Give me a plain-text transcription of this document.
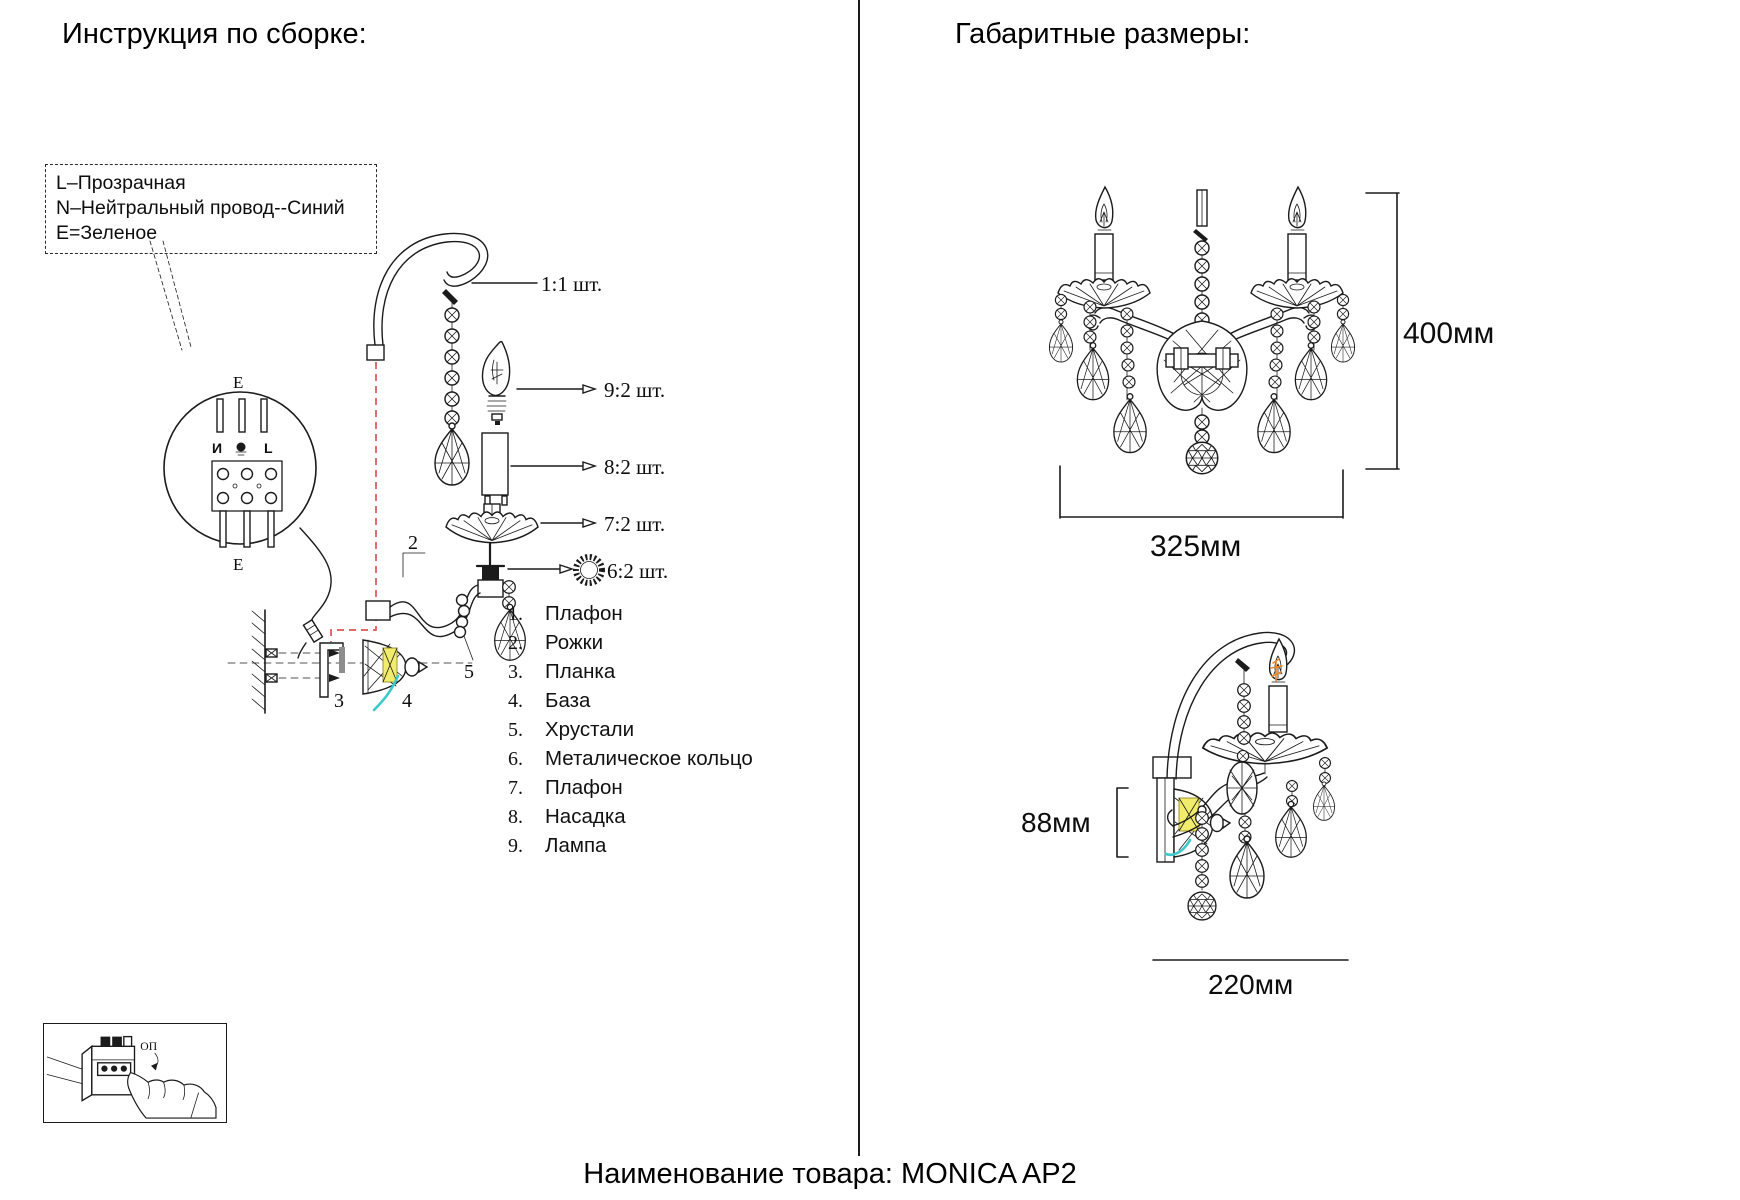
Инструкция по сборке:	Габаритные размеры:
L–Прозрачная
N–Нейтральный провод--Синий
E=Зеленое
E
И	L
E
1:1 шт.
9:2 шт.
8:2 шт.
7:2 шт.
6:2 шт.
2
5
3	4
1.	Плафон
2.	Рожки
3.	Планка
4.	База
5.	Хрустали
6.	Металическое кольцо
7.	Плафон
8.	Насадка
9.	Лампа
ОП
400мм
325мм
88мм
220мм
Наименование товара: MONICA AP2
